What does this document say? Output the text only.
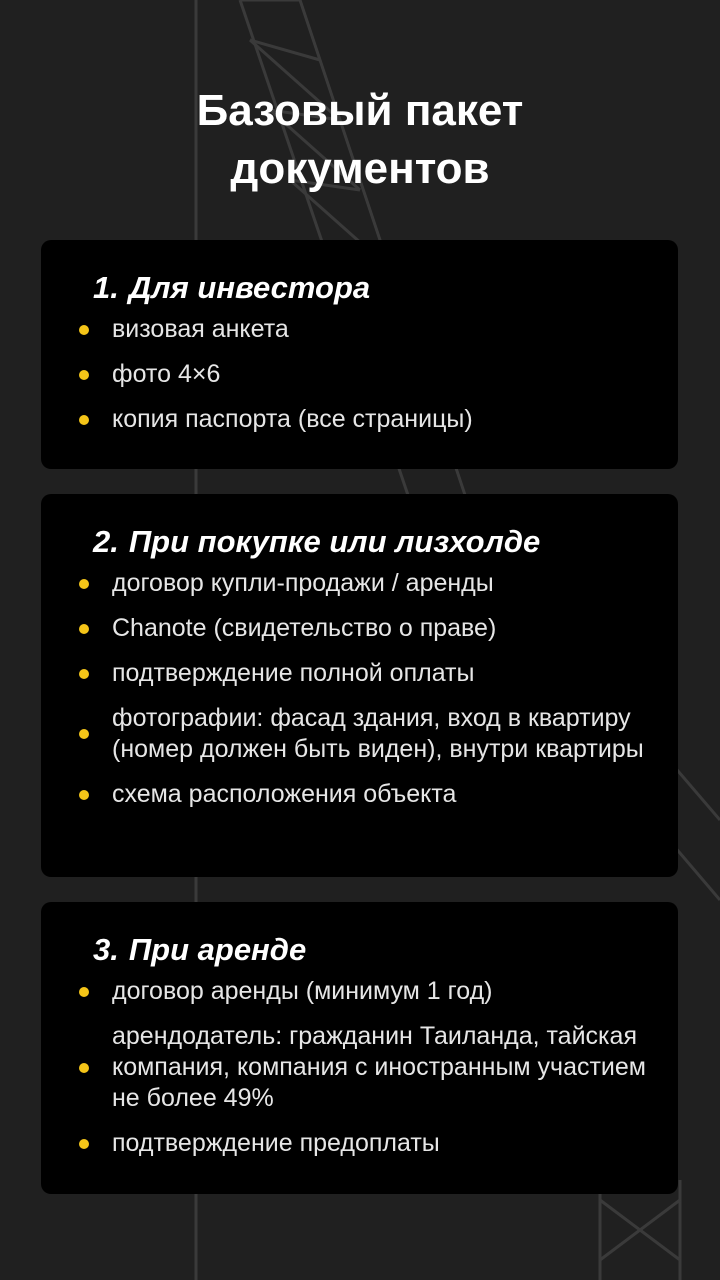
Базовый пакет
документов
1. Для инвестора
визовая анкета
фото 4×6
копия паспорта (все страницы)
2. При покупке или лизхолде
договор купли-продажи / аренды
Chanote (свидетельство о праве)
подтверждение полной оплаты
фотографии: фасад здания, вход в квартиру (номер должен быть виден), внутри квартиры
схема расположения объекта
3. При аренде
договор аренды (минимум 1 год)
арендодатель: гражданин Таиланда, тайская компания, компания с иностранным участием не более 49%
подтверждение предоплаты
